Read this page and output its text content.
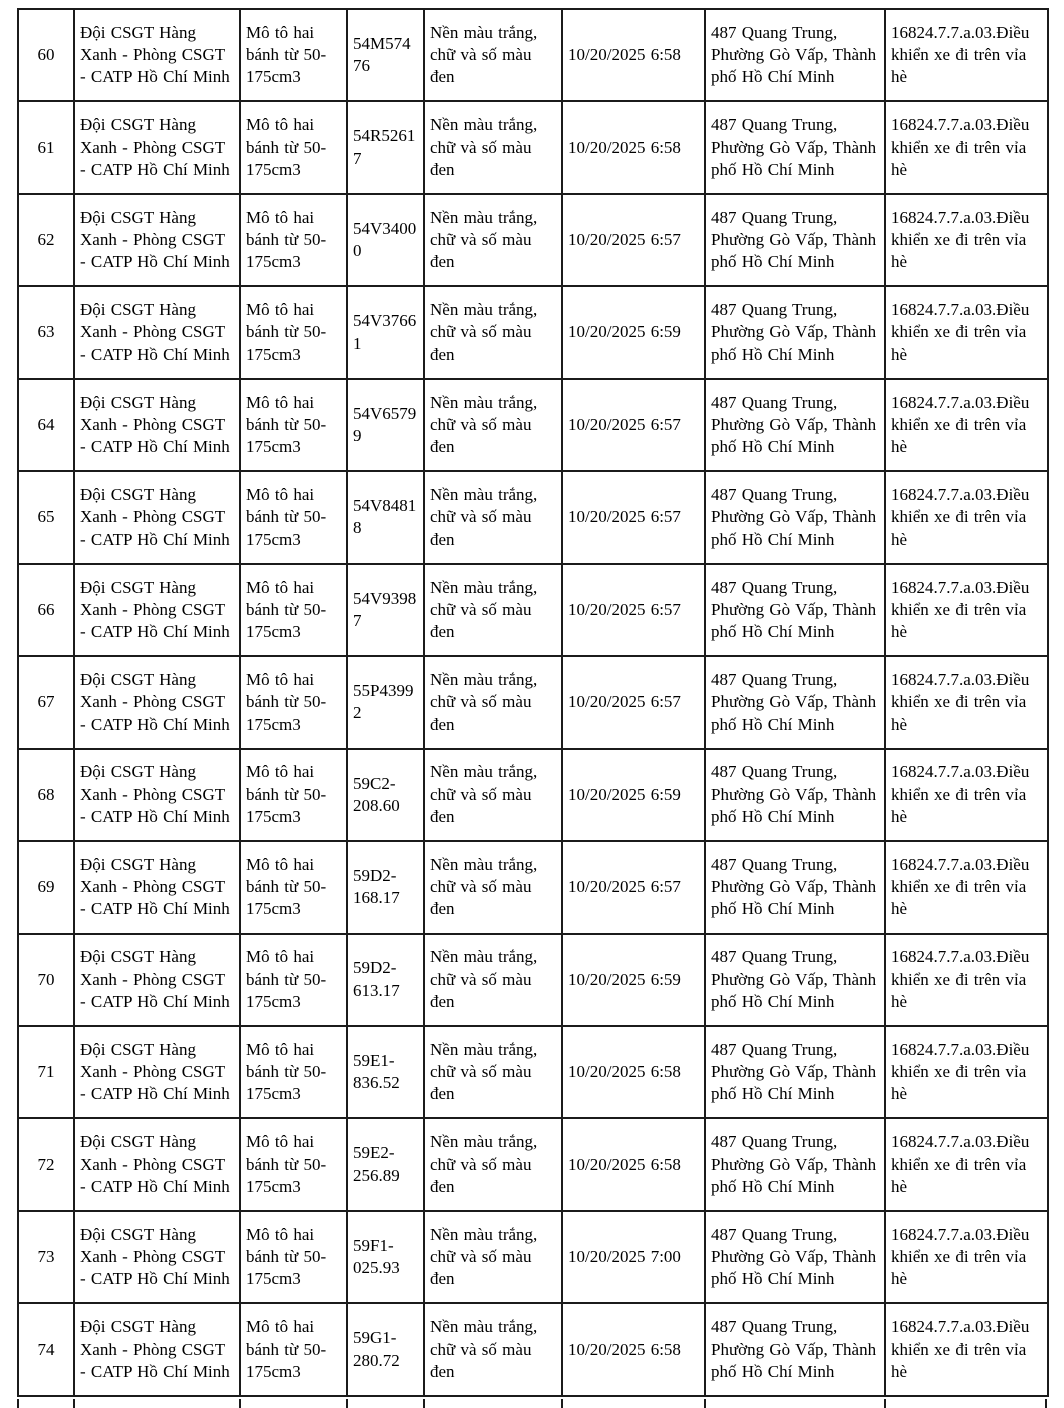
60	Đội CSGT Hàng Xanh - Phòng CSGT - CATP Hồ Chí Minh	Mô tô hai bánh từ 50-175cm3	54M57476	Nền màu trắng, chữ và số màu đen	10/20/2025 6:58	487 Quang Trung, Phường Gò Vấp, Thành phố Hồ Chí Minh	16824.7.7.a.03.Điều khiển xe đi trên vỉa hè
61	Đội CSGT Hàng Xanh - Phòng CSGT - CATP Hồ Chí Minh	Mô tô hai bánh từ 50-175cm3	54R52617	Nền màu trắng, chữ và số màu đen	10/20/2025 6:58	487 Quang Trung, Phường Gò Vấp, Thành phố Hồ Chí Minh	16824.7.7.a.03.Điều khiển xe đi trên vỉa hè
62	Đội CSGT Hàng Xanh - Phòng CSGT - CATP Hồ Chí Minh	Mô tô hai bánh từ 50-175cm3	54V34000	Nền màu trắng, chữ và số màu đen	10/20/2025 6:57	487 Quang Trung, Phường Gò Vấp, Thành phố Hồ Chí Minh	16824.7.7.a.03.Điều khiển xe đi trên vỉa hè
63	Đội CSGT Hàng Xanh - Phòng CSGT - CATP Hồ Chí Minh	Mô tô hai bánh từ 50-175cm3	54V37661	Nền màu trắng, chữ và số màu đen	10/20/2025 6:59	487 Quang Trung, Phường Gò Vấp, Thành phố Hồ Chí Minh	16824.7.7.a.03.Điều khiển xe đi trên vỉa hè
64	Đội CSGT Hàng Xanh - Phòng CSGT - CATP Hồ Chí Minh	Mô tô hai bánh từ 50-175cm3	54V65799	Nền màu trắng, chữ và số màu đen	10/20/2025 6:57	487 Quang Trung, Phường Gò Vấp, Thành phố Hồ Chí Minh	16824.7.7.a.03.Điều khiển xe đi trên vỉa hè
65	Đội CSGT Hàng Xanh - Phòng CSGT - CATP Hồ Chí Minh	Mô tô hai bánh từ 50-175cm3	54V84818	Nền màu trắng, chữ và số màu đen	10/20/2025 6:57	487 Quang Trung, Phường Gò Vấp, Thành phố Hồ Chí Minh	16824.7.7.a.03.Điều khiển xe đi trên vỉa hè
66	Đội CSGT Hàng Xanh - Phòng CSGT - CATP Hồ Chí Minh	Mô tô hai bánh từ 50-175cm3	54V93987	Nền màu trắng, chữ và số màu đen	10/20/2025 6:57	487 Quang Trung, Phường Gò Vấp, Thành phố Hồ Chí Minh	16824.7.7.a.03.Điều khiển xe đi trên vỉa hè
67	Đội CSGT Hàng Xanh - Phòng CSGT - CATP Hồ Chí Minh	Mô tô hai bánh từ 50-175cm3	55P43992	Nền màu trắng, chữ và số màu đen	10/20/2025 6:57	487 Quang Trung, Phường Gò Vấp, Thành phố Hồ Chí Minh	16824.7.7.a.03.Điều khiển xe đi trên vỉa hè
68	Đội CSGT Hàng Xanh - Phòng CSGT - CATP Hồ Chí Minh	Mô tô hai bánh từ 50-175cm3	59C2-208.60	Nền màu trắng, chữ và số màu đen	10/20/2025 6:59	487 Quang Trung, Phường Gò Vấp, Thành phố Hồ Chí Minh	16824.7.7.a.03.Điều khiển xe đi trên vỉa hè
69	Đội CSGT Hàng Xanh - Phòng CSGT - CATP Hồ Chí Minh	Mô tô hai bánh từ 50-175cm3	59D2-168.17	Nền màu trắng, chữ và số màu đen	10/20/2025 6:57	487 Quang Trung, Phường Gò Vấp, Thành phố Hồ Chí Minh	16824.7.7.a.03.Điều khiển xe đi trên vỉa hè
70	Đội CSGT Hàng Xanh - Phòng CSGT - CATP Hồ Chí Minh	Mô tô hai bánh từ 50-175cm3	59D2-613.17	Nền màu trắng, chữ và số màu đen	10/20/2025 6:59	487 Quang Trung, Phường Gò Vấp, Thành phố Hồ Chí Minh	16824.7.7.a.03.Điều khiển xe đi trên vỉa hè
71	Đội CSGT Hàng Xanh - Phòng CSGT - CATP Hồ Chí Minh	Mô tô hai bánh từ 50-175cm3	59E1-836.52	Nền màu trắng, chữ và số màu đen	10/20/2025 6:58	487 Quang Trung, Phường Gò Vấp, Thành phố Hồ Chí Minh	16824.7.7.a.03.Điều khiển xe đi trên vỉa hè
72	Đội CSGT Hàng Xanh - Phòng CSGT - CATP Hồ Chí Minh	Mô tô hai bánh từ 50-175cm3	59E2-256.89	Nền màu trắng, chữ và số màu đen	10/20/2025 6:58	487 Quang Trung, Phường Gò Vấp, Thành phố Hồ Chí Minh	16824.7.7.a.03.Điều khiển xe đi trên vỉa hè
73	Đội CSGT Hàng Xanh - Phòng CSGT - CATP Hồ Chí Minh	Mô tô hai bánh từ 50-175cm3	59F1-025.93	Nền màu trắng, chữ và số màu đen	10/20/2025 7:00	487 Quang Trung, Phường Gò Vấp, Thành phố Hồ Chí Minh	16824.7.7.a.03.Điều khiển xe đi trên vỉa hè
74	Đội CSGT Hàng Xanh - Phòng CSGT - CATP Hồ Chí Minh	Mô tô hai bánh từ 50-175cm3	59G1-280.72	Nền màu trắng, chữ và số màu đen	10/20/2025 6:58	487 Quang Trung, Phường Gò Vấp, Thành phố Hồ Chí Minh	16824.7.7.a.03.Điều khiển xe đi trên vỉa hè
